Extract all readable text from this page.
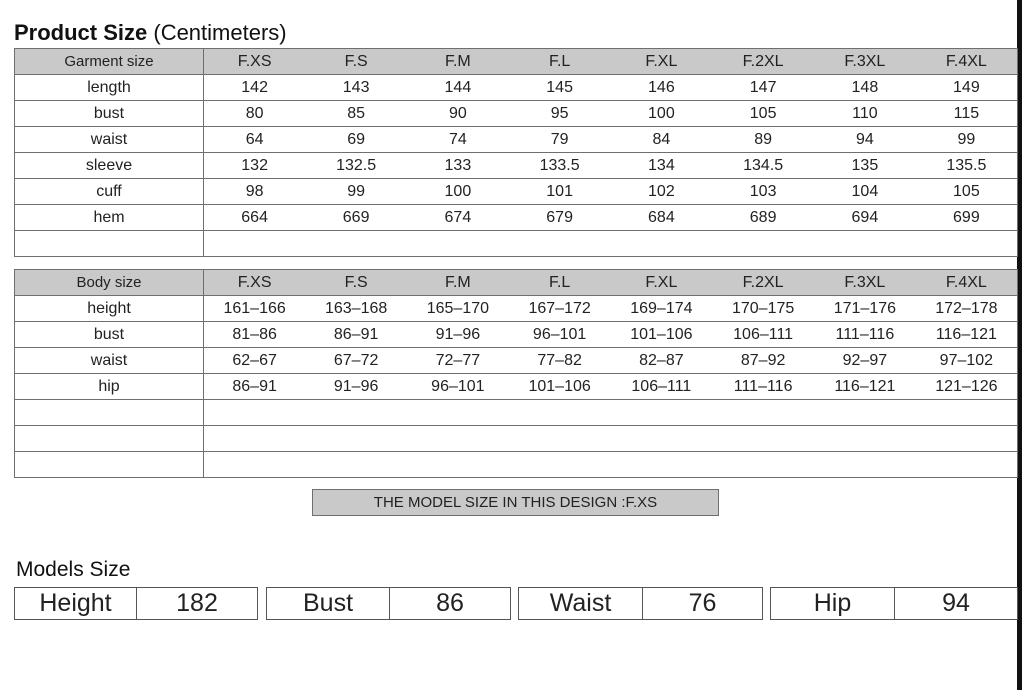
Product Size (Centimeters)
Garment size	F.XS	F.S	F.M	F.L	F.XL	F.2XL	F.3XL	F.4XL
length	142	143	144	145	146	147	148	149
bust	80	85	90	95	100	105	110	115
waist	64	69	74	79	84	89	94	99
sleeve	132	132.5	133	133.5	134	134.5	135	135.5
cuff	98	99	100	101	102	103	104	105
hem	664	669	674	679	684	689	694	699

Body size	F.XS	F.S	F.M	F.L	F.XL	F.2XL	F.3XL	F.4XL
height	161–166	163–168	165–170	167–172	169–174	170–175	171–176	172–178
bust	81–86	86–91	91–96	96–101	101–106	106–111	111–116	116–121
waist	62–67	67–72	72–77	77–82	82–87	87–92	92–97	97–102
hip	86–91	91–96	96–101	101–106	106–111	111–116	116–121	121–126

THE MODEL SIZE IN THIS DESIGN :F.XS
Models Size
Height	182	Bust	86	Waist	76	Hip	94
